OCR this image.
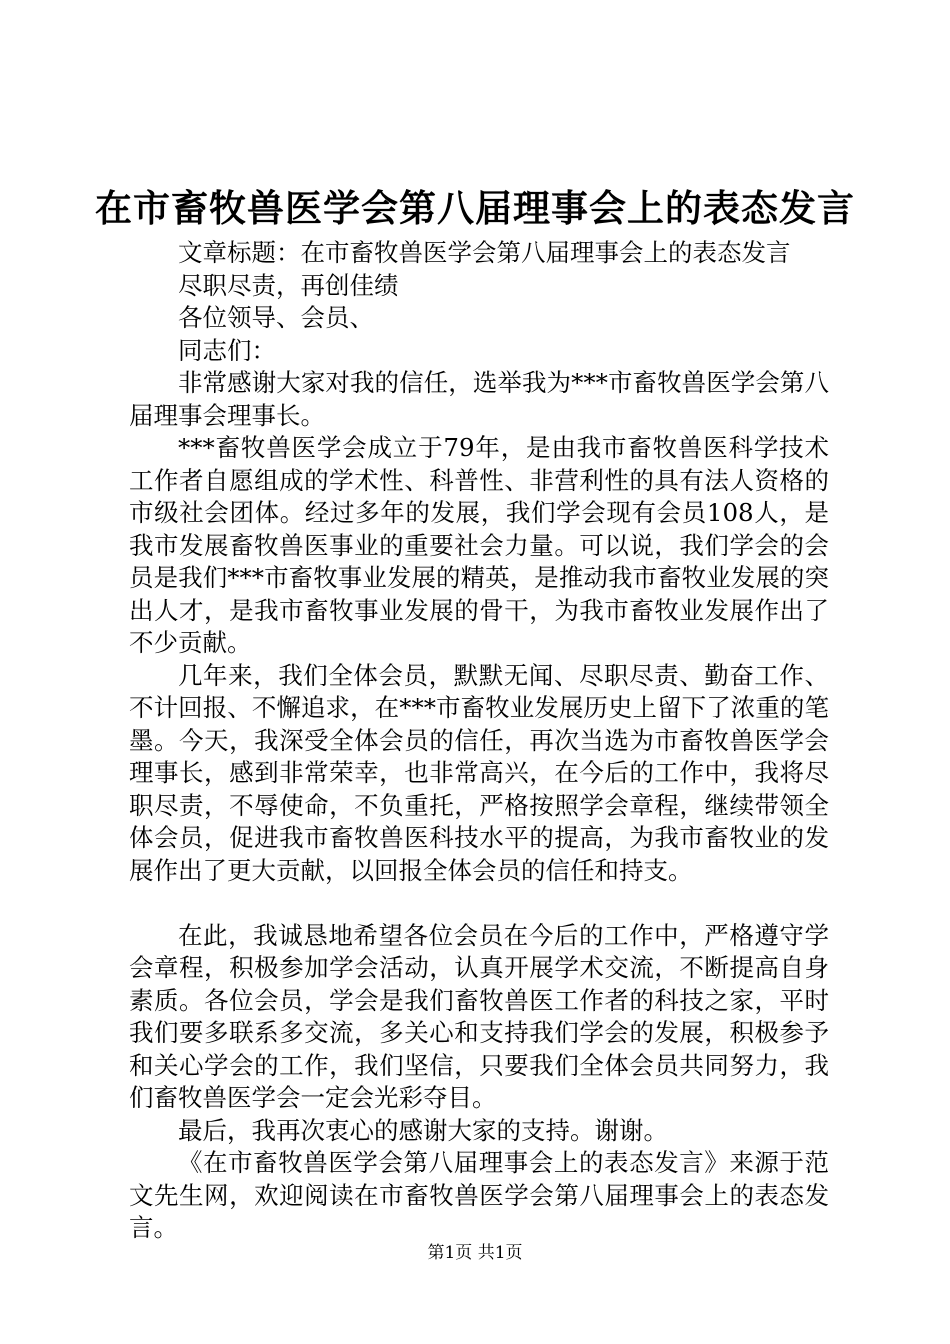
在市畜牧兽医学会第八届理事会上的表态发言

文章标题：在市畜牧兽医学会第八届理事会上的表态发言

尽职尽责，再创佳绩

各位领导、会员、

同志们：

非常感谢大家对我的信任，选举我为***市畜牧兽医学会第八届理事会理事长。

***畜牧兽医学会成立于79年，是由我市畜牧兽医科学技术工作者自愿组成的学术性、科普性、非营利性的具有法人资格的市级社会团体。经过多年的发展，我们学会现有会员108人，是我市发展畜牧兽医事业的重要社会力量。可以说，我们学会的会员是我们***市畜牧事业发展的精英，是推动我市畜牧业发展的突出人才，是我市畜牧事业发展的骨干，为我市畜牧业发展作出了不少贡献。

几年来，我们全体会员，默默无闻、尽职尽责、勤奋工作、不计回报、不懈追求，在***市畜牧业发展历史上留下了浓重的笔墨。今天，我深受全体会员的信任，再次当选为市畜牧兽医学会理事长，感到非常荣幸，也非常高兴，在今后的工作中，我将尽职尽责，不辱使命，不负重托，严格按照学会章程，继续带领全体会员，促进我市畜牧兽医科技水平的提高，为我市畜牧业的发展作出了更大贡献，以回报全体会员的信任和持支。

在此，我诚恳地希望各位会员在今后的工作中，严格遵守学会章程，积极参加学会活动，认真开展学术交流，不断提高自身素质。各位会员，学会是我们畜牧兽医工作者的科技之家，平时我们要多联系多交流，多关心和支持我们学会的发展，积极参予和关心学会的工作，我们坚信，只要我们全体会员共同努力，我们畜牧兽医学会一定会光彩夺目。

最后，我再次衷心的感谢大家的支持。谢谢。

《在市畜牧兽医学会第八届理事会上的表态发言》来源于范文先生网，欢迎阅读在市畜牧兽医学会第八届理事会上的表态发言。

第1页 共1页
